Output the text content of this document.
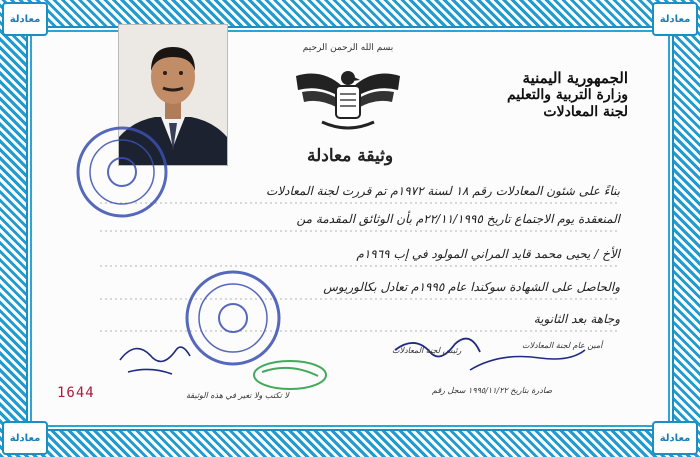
معادلة	معادلة
معادلة	معادلة
الجمهورية اليمنية
وزارة التربية والتعليم
لجنة المعادلات
بسم الله الرحمن الرحيم
وثيقة معادلة
بناءً على شئون المعادلات رقم ١٨ لسنة ١٩٧٢م تم قررت لجنة المعادلات
المنعقدة يوم الاجتماع تاريخ ٢٢/١١/١٩٩٥م بأن الوثائق المقدمة من
الأخ / يحيى محمد قايد المراني المولود في إب ١٩٦٩م
والحاصل على الشهادة سوكندا عام ١٩٩٥م تعادل بكالوريوس
وجاهة بعد الثانوية
1644	لا تكتب ولا تغير في هذه الوثيقة
صادرة بتاريخ ١٩٩٥/١١/٢٢ سجل رقم
رئيس لجنة المعادلات
أمين عام لجنة المعادلات
